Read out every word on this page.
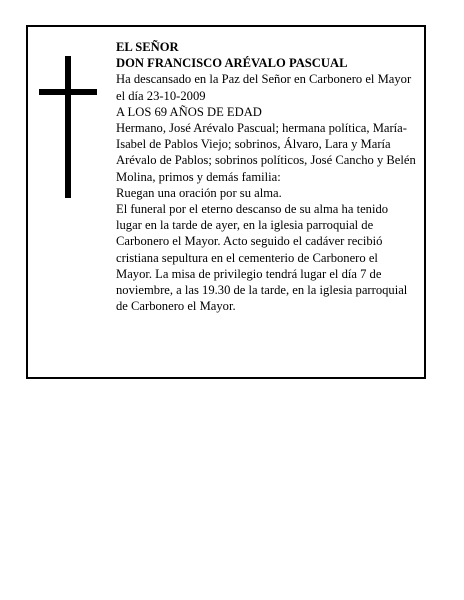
EL SEÑOR

DON FRANCISCO ARÉVALO PASCUAL

Ha descansado en la Paz del Señor en Carbonero el Mayor el día 23-10-2009

A LOS 69 AÑOS DE EDAD

Hermano, José Arévalo Pascual; hermana política, María-Isabel de Pablos Viejo; sobrinos, Álvaro, Lara y María Arévalo de Pablos; sobrinos políticos, José Cancho y Belén Molina, primos y demás familia:

Ruegan una oración por su alma.

El funeral por el eterno descanso de su alma ha tenido lugar en la tarde de ayer, en la iglesia parroquial de Carbonero el Mayor. Acto seguido el cadáver recibió cristiana sepultura en el cementerio de Carbonero el Mayor. La misa de privilegio tendrá lugar el día 7 de noviembre, a las 19.30 de la tarde, en la iglesia parroquial de Carbonero el Mayor.
